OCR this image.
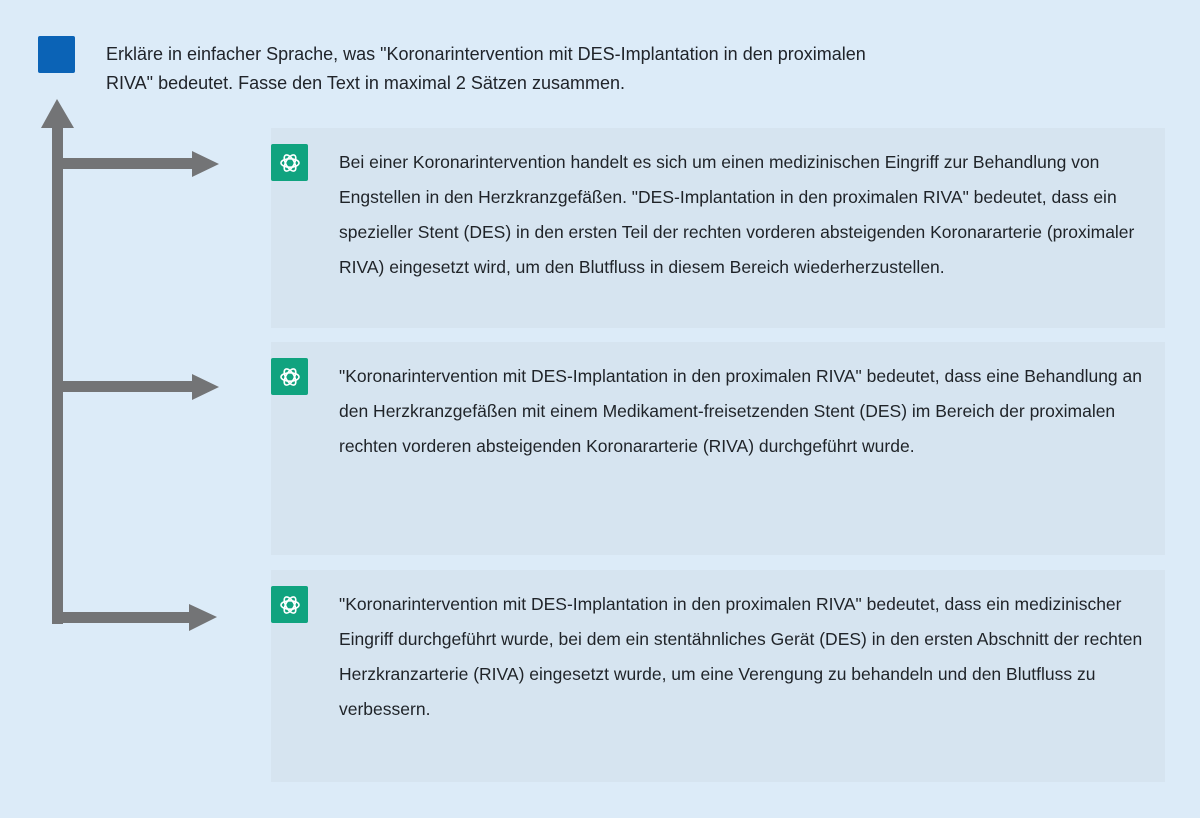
Erkläre in einfacher Sprache, was "Koronarintervention mit DES-Implantation in den proximalen RIVA" bedeutet. Fasse den Text in maximal 2 Sätzen zusammen.

Bei einer Koronarintervention handelt es sich um einen medizinischen Eingriff zur Behandlung von Engstellen in den Herzkranzgefäßen. "DES-Implantation in den proximalen RIVA" bedeutet, dass ein spezieller Stent (DES) in den ersten Teil der rechten vorderen absteigenden Koronararterie (proximaler RIVA) eingesetzt wird, um den Blutfluss in diesem Bereich wiederherzustellen.

"Koronarintervention mit DES-Implantation in den proximalen RIVA" bedeutet, dass eine Behandlung an den Herzkranzgefäßen mit einem Medikament-freisetzenden Stent (DES) im Bereich der proximalen rechten vorderen absteigenden Koronararterie (RIVA) durchgeführt wurde.

"Koronarintervention mit DES-Implantation in den proximalen RIVA" bedeutet, dass ein medizinischer Eingriff durchgeführt wurde, bei dem ein stentähnliches Gerät (DES) in den ersten Abschnitt der rechten Herzkranzarterie (RIVA) eingesetzt wurde, um eine Verengung zu behandeln und den Blutfluss zu verbessern.
